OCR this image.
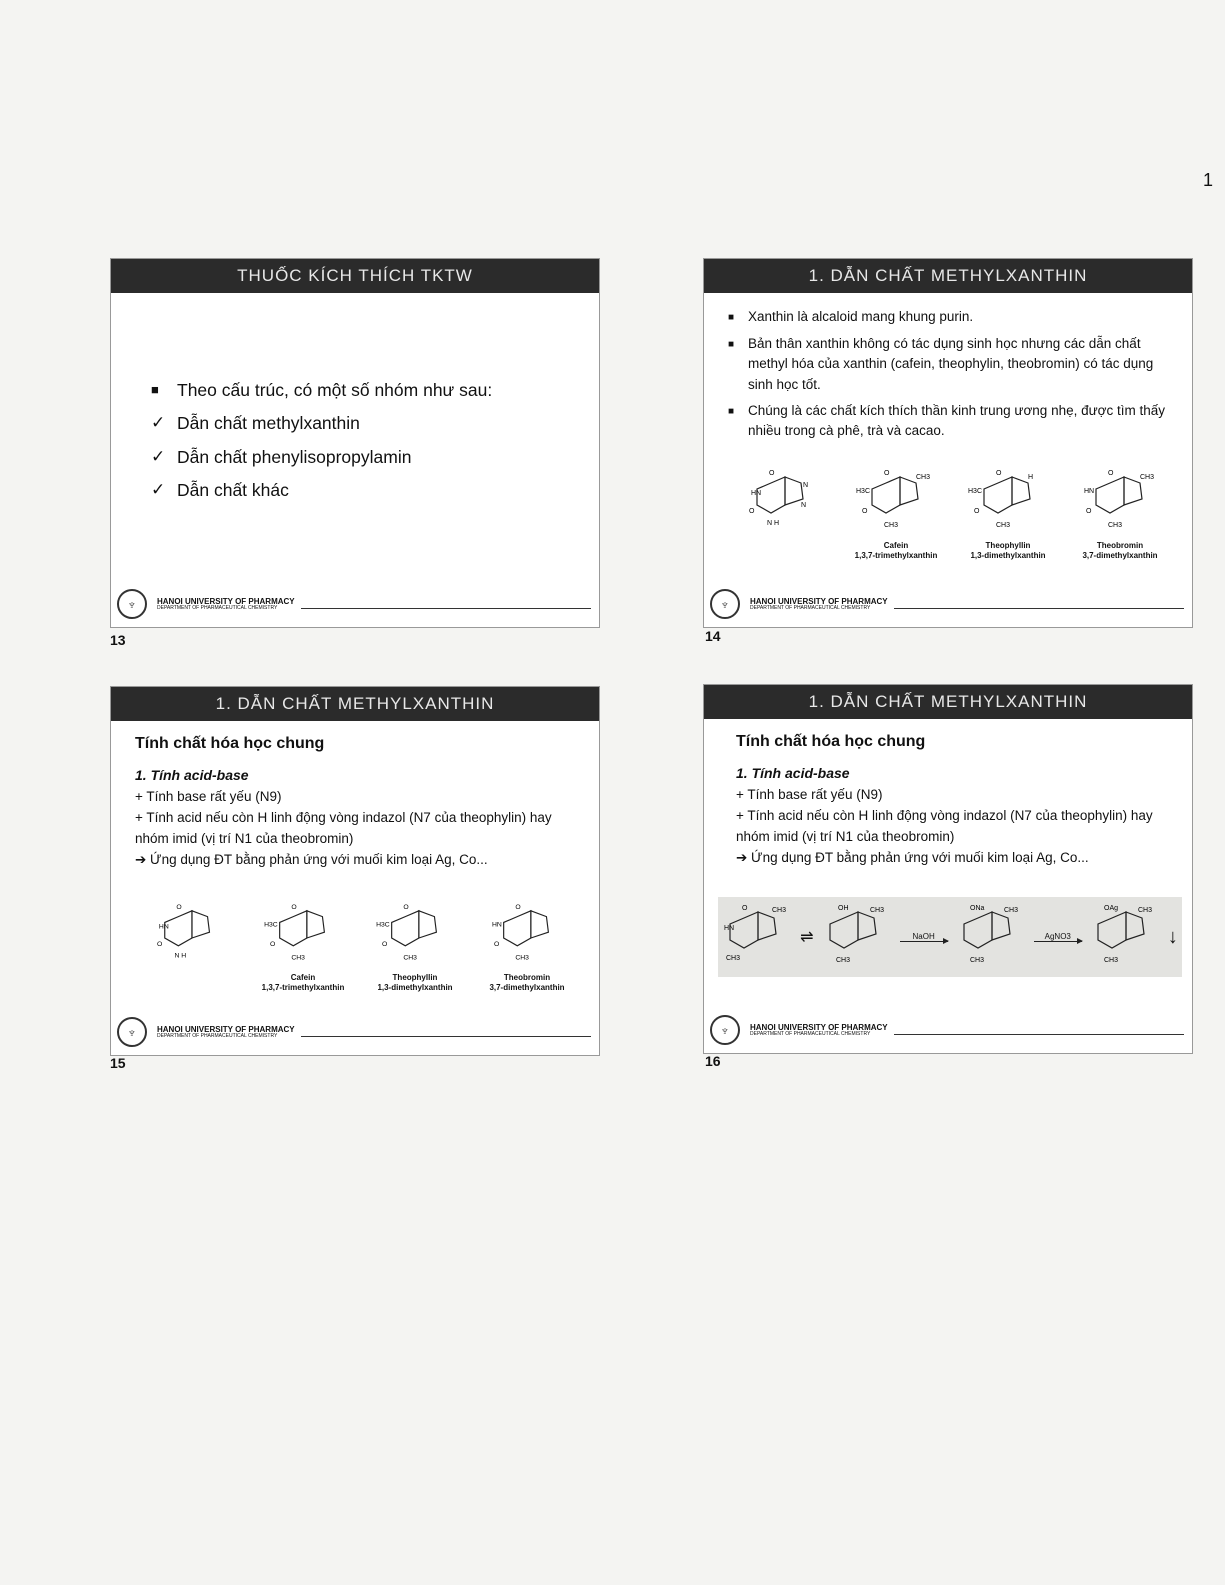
1
THUỐC KÍCH THÍCH TKTW
■	Theo cấu trúc, có một số nhóm như sau:
✓ Dẫn chất methylxanthin
✓ Dẫn chất phenylisopropylamin
✓ Dẫn chất khác
♆	HANOI UNIVERSITY OF PHARMACY
DEPARTMENT OF PHARMACEUTICAL CHEMISTRY
13
1. DẪN CHẤT METHYLXANTHIN
■	Xanthin là alcaloid mang khung purin.
■	Bản thân xanthin không có tác dụng sinh học nhưng các dẫn chất methyl hóa của xanthin (cafein, theophylin, theobromin) có tác dụng sinh học tốt.
■	Chúng là các chất kích thích thần kinh trung ương nhẹ, được tìm thấy nhiều trong cà phê, trà và cacao.
O
HN
O
N H
N
N
O
H3C
O
CH3
CH3
Cafein
1,3,7-trimethylxanthin
O
H3C
O
CH3
H
Theophyllin
1,3-dimethylxanthin
O
HN
O
CH3
CH3
Theobromin
3,7-dimethylxanthin
♆	HANOI UNIVERSITY OF PHARMACY
DEPARTMENT OF PHARMACEUTICAL CHEMISTRY
14
1. DẪN CHẤT METHYLXANTHIN
Tính chất hóa học chung
1. Tính acid-base
+ Tính base rất yếu (N9)
+ Tính acid nếu còn H linh động vòng indazol (N7 của theophylin) hay nhóm imid (vị trí N1 của theobromin)
➔ Ứng dụng ĐT bằng phản ứng với muối kim loại Ag, Co...
O
HN
O
N H
O
H3C
O
CH3
Cafein
1,3,7-trimethylxanthin
O
H3C
O
CH3
Theophyllin
1,3-dimethylxanthin
O
HN
O
CH3
Theobromin
3,7-dimethylxanthin
♆	HANOI UNIVERSITY OF PHARMACY
DEPARTMENT OF PHARMACEUTICAL CHEMISTRY
15
1. DẪN CHẤT METHYLXANTHIN
Tính chất hóa học chung
1. Tính acid-base
+ Tính base rất yếu (N9)
+ Tính acid nếu còn H linh động vòng indazol (N7 của theophylin) hay nhóm imid (vị trí N1 của theobromin)
➔ Ứng dụng ĐT bằng phản ứng với muối kim loại Ag, Co...
O
HN
CH3
CH3
⇌
OH
CH3
CH3
NaOH
ONa
CH3
CH3
AgNO3
OAg
CH3
CH3
↓
♆	HANOI UNIVERSITY OF PHARMACY
DEPARTMENT OF PHARMACEUTICAL CHEMISTRY
16
